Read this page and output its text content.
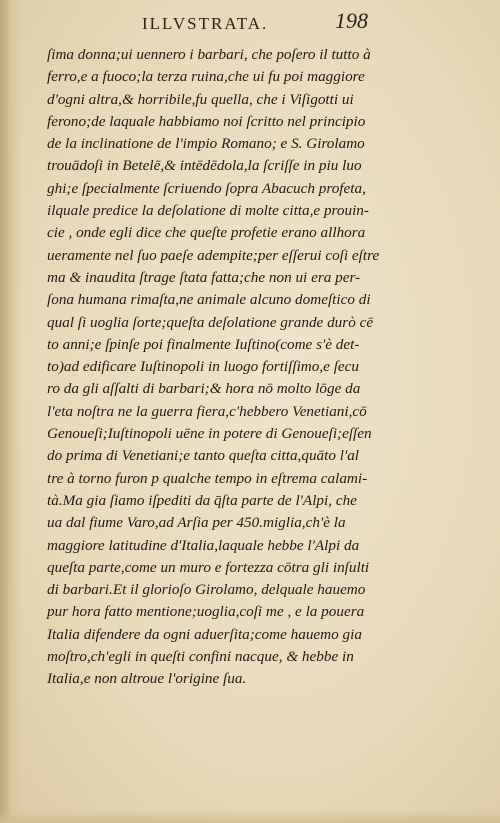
ILLVSTRATA.	198
ſima donna;ui uennero i barbari, che poſero il tutto à
ferro,e a fuoco;la terza ruina,che ui fu poi maggiore
d'ogni altra,& horribile,fu quella, che i Viſigotti ui
ferono;de laquale habbiamo noi ſcritto nel principio
de la inclinatione de l'impio Romano; e S. Girolamo
trouādoſi in Betelē,& intēdēdola,la ſcriſſe in piu luo
ghi;e ſpecialmente ſcriuendo ſopra Abacuch profeta,
ilquale predice la deſolatione di molte citta,e prouin-
cie , onde egli dice che queſte profetie erano allhora
ueramente nel ſuo paeſe adempite;per eſſerui coſi eſtre
ma & inaudita ſtrage ſtata fatta;che non ui era per-
ſona humana rimaſta,ne animale alcuno domeſtico di
qual ſi uoglia ſorte;queſta deſolatione grande durò cē
to anni;e ſpinſe poi finalmente Iuſtino(come s'è det-
to)ad edificare Iuſtinopoli in luogo fortiſſimo,e ſecu
ro da gli aſſalti di barbari;& hora nō molto lōge da
l'eta noſtra ne la guerra fiera,c'hebbero Venetiani,cō
Genoueſi;Iuſtinopoli uēne in potere di Genoueſi;eſſen
do prima di Venetiani;e tanto queſta citta,quāto l'al
tre à torno furon p qualche tempo in eſtrema calami-
tà.Ma gia ſiamo iſpediti da q̄ſta parte de l'Alpi, che
ua dal fiume Varo,ad Arſia per 450.miglia,ch'è la
maggiore latitudine d'Italia,laquale hebbe l'Alpi da
queſta parte,come un muro e fortezza cōtra gli inſulti
di barbari.Et il glorioſo Girolamo, delquale hauemo
pur hora fatto mentione;uoglia,coſi me , e la pouera
Italia difendere da ogni aduerſita;come hauemo gia
moſtro,ch'egli in queſti confini nacque, & hebbe in
Italia,e non altroue l'origine ſua.
